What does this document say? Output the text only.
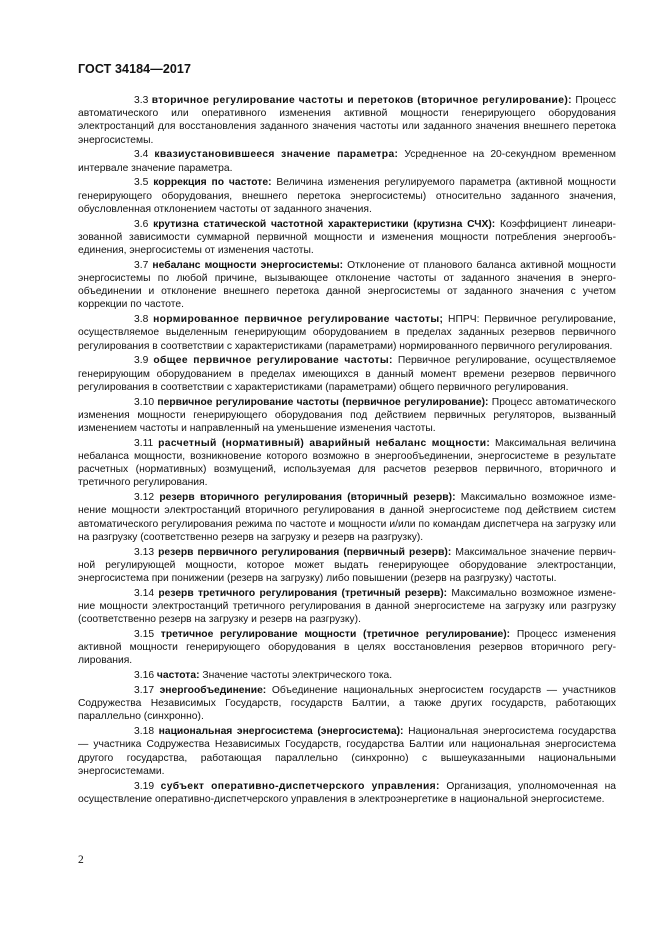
ГОСТ 34184—2017

3.3 вторичное регулирование частоты и перетоков (вторичное регулирование): Процесс автоматического или оперативного изменения активной мощности генерирующего оборудования электростанций для восстановления заданного значения частоты или заданного значения внешнего перетока энергосистемы.

3.4 квазиустановившееся значение параметра: Усредненное на 20-секундном временном интервале значение параметра.

3.5 коррекция по частоте: Величина изменения регулируемого параметра (активной мощности генерирующего оборудования, внешнего перетока энергосистемы) относительно заданного значения, обусловленная отклонением частоты от заданного значения.

3.6 крутизна статической частотной характеристики (крутизна СЧХ): Коэффициент линеаризованной зависимости суммарной первичной мощности и изменения мощности потребления энергообъединения, энергосистемы от изменения частоты.

3.7 небаланс мощности энергосистемы: Отклонение от планового баланса активной мощности энергосистемы по любой причине, вызывающее отклонение частоты от заданного значения в энергообъединении и отклонение внешнего перетока данной энергосистемы от заданного значения с учетом коррекции по частоте.

3.8 нормированное первичное регулирование частоты; НПРЧ: Первичное регулирование, осуществляемое выделенным генерирующим оборудованием в пределах заданных резервов первичного регулирования в соответствии с характеристиками (параметрами) нормированного первичного регулирования.

3.9 общее первичное регулирование частоты: Первичное регулирование, осуществляемое генерирующим оборудованием в пределах имеющихся в данный момент времени резервов первичного регулирования в соответствии с характеристиками (параметрами) общего первичного регулирования.

3.10 первичное регулирование частоты (первичное регулирование): Процесс автоматического изменения мощности генерирующего оборудования под действием первичных регуляторов, вызванный изменением частоты и направленный на уменьшение изменения частоты.

3.11 расчетный (нормативный) аварийный небаланс мощности: Максимальная величина небаланса мощности, возникновение которого возможно в энергообъединении, энергосистеме в результате расчетных (нормативных) возмущений, используемая для расчетов резервов первичного, вторичного и третичного регулирования.

3.12 резерв вторичного регулирования (вторичный резерв): Максимально возможное изменение мощности электростанций вторичного регулирования в данной энергосистеме под действием систем автоматического регулирования режима по частоте и мощности и/или по командам диспетчера на загрузку или на разгрузку (соответственно резерв на загрузку и резерв на разгрузку).

3.13 резерв первичного регулирования (первичный резерв): Максимальное значение первичной регулирующей мощности, которое может выдать генерирующее оборудование электростанции, энергосистема при понижении (резерв на загрузку) либо повышении (резерв на разгрузку) частоты.

3.14 резерв третичного регулирования (третичный резерв): Максимально возможное изменение мощности электростанций третичного регулирования в данной энергосистеме на загрузку или разгрузку (соответственно резерв на загрузку и резерв на разгрузку).

3.15 третичное регулирование мощности (третичное регулирование): Процесс изменения активной мощности генерирующего оборудования в целях восстановления резервов вторичного регулирования.

3.16 частота: Значение частоты электрического тока.

3.17 энергообъединение: Объединение национальных энергосистем государств — участников Содружества Независимых Государств, государств Балтии, а также других государств, работающих параллельно (синхронно).

3.18 национальная энергосистема (энергосистема): Национальная энергосистема государства — участника Содружества Независимых Государств, государства Балтии или национальная энергосистема другого государства, работающая параллельно (синхронно) с вышеуказанными национальными энергосистемами.

3.19 субъект оперативно-диспетчерского управления: Организация, уполномоченная на осуществление оперативно-диспетчерского управления в электроэнергетике в национальной энергосистеме.

2
